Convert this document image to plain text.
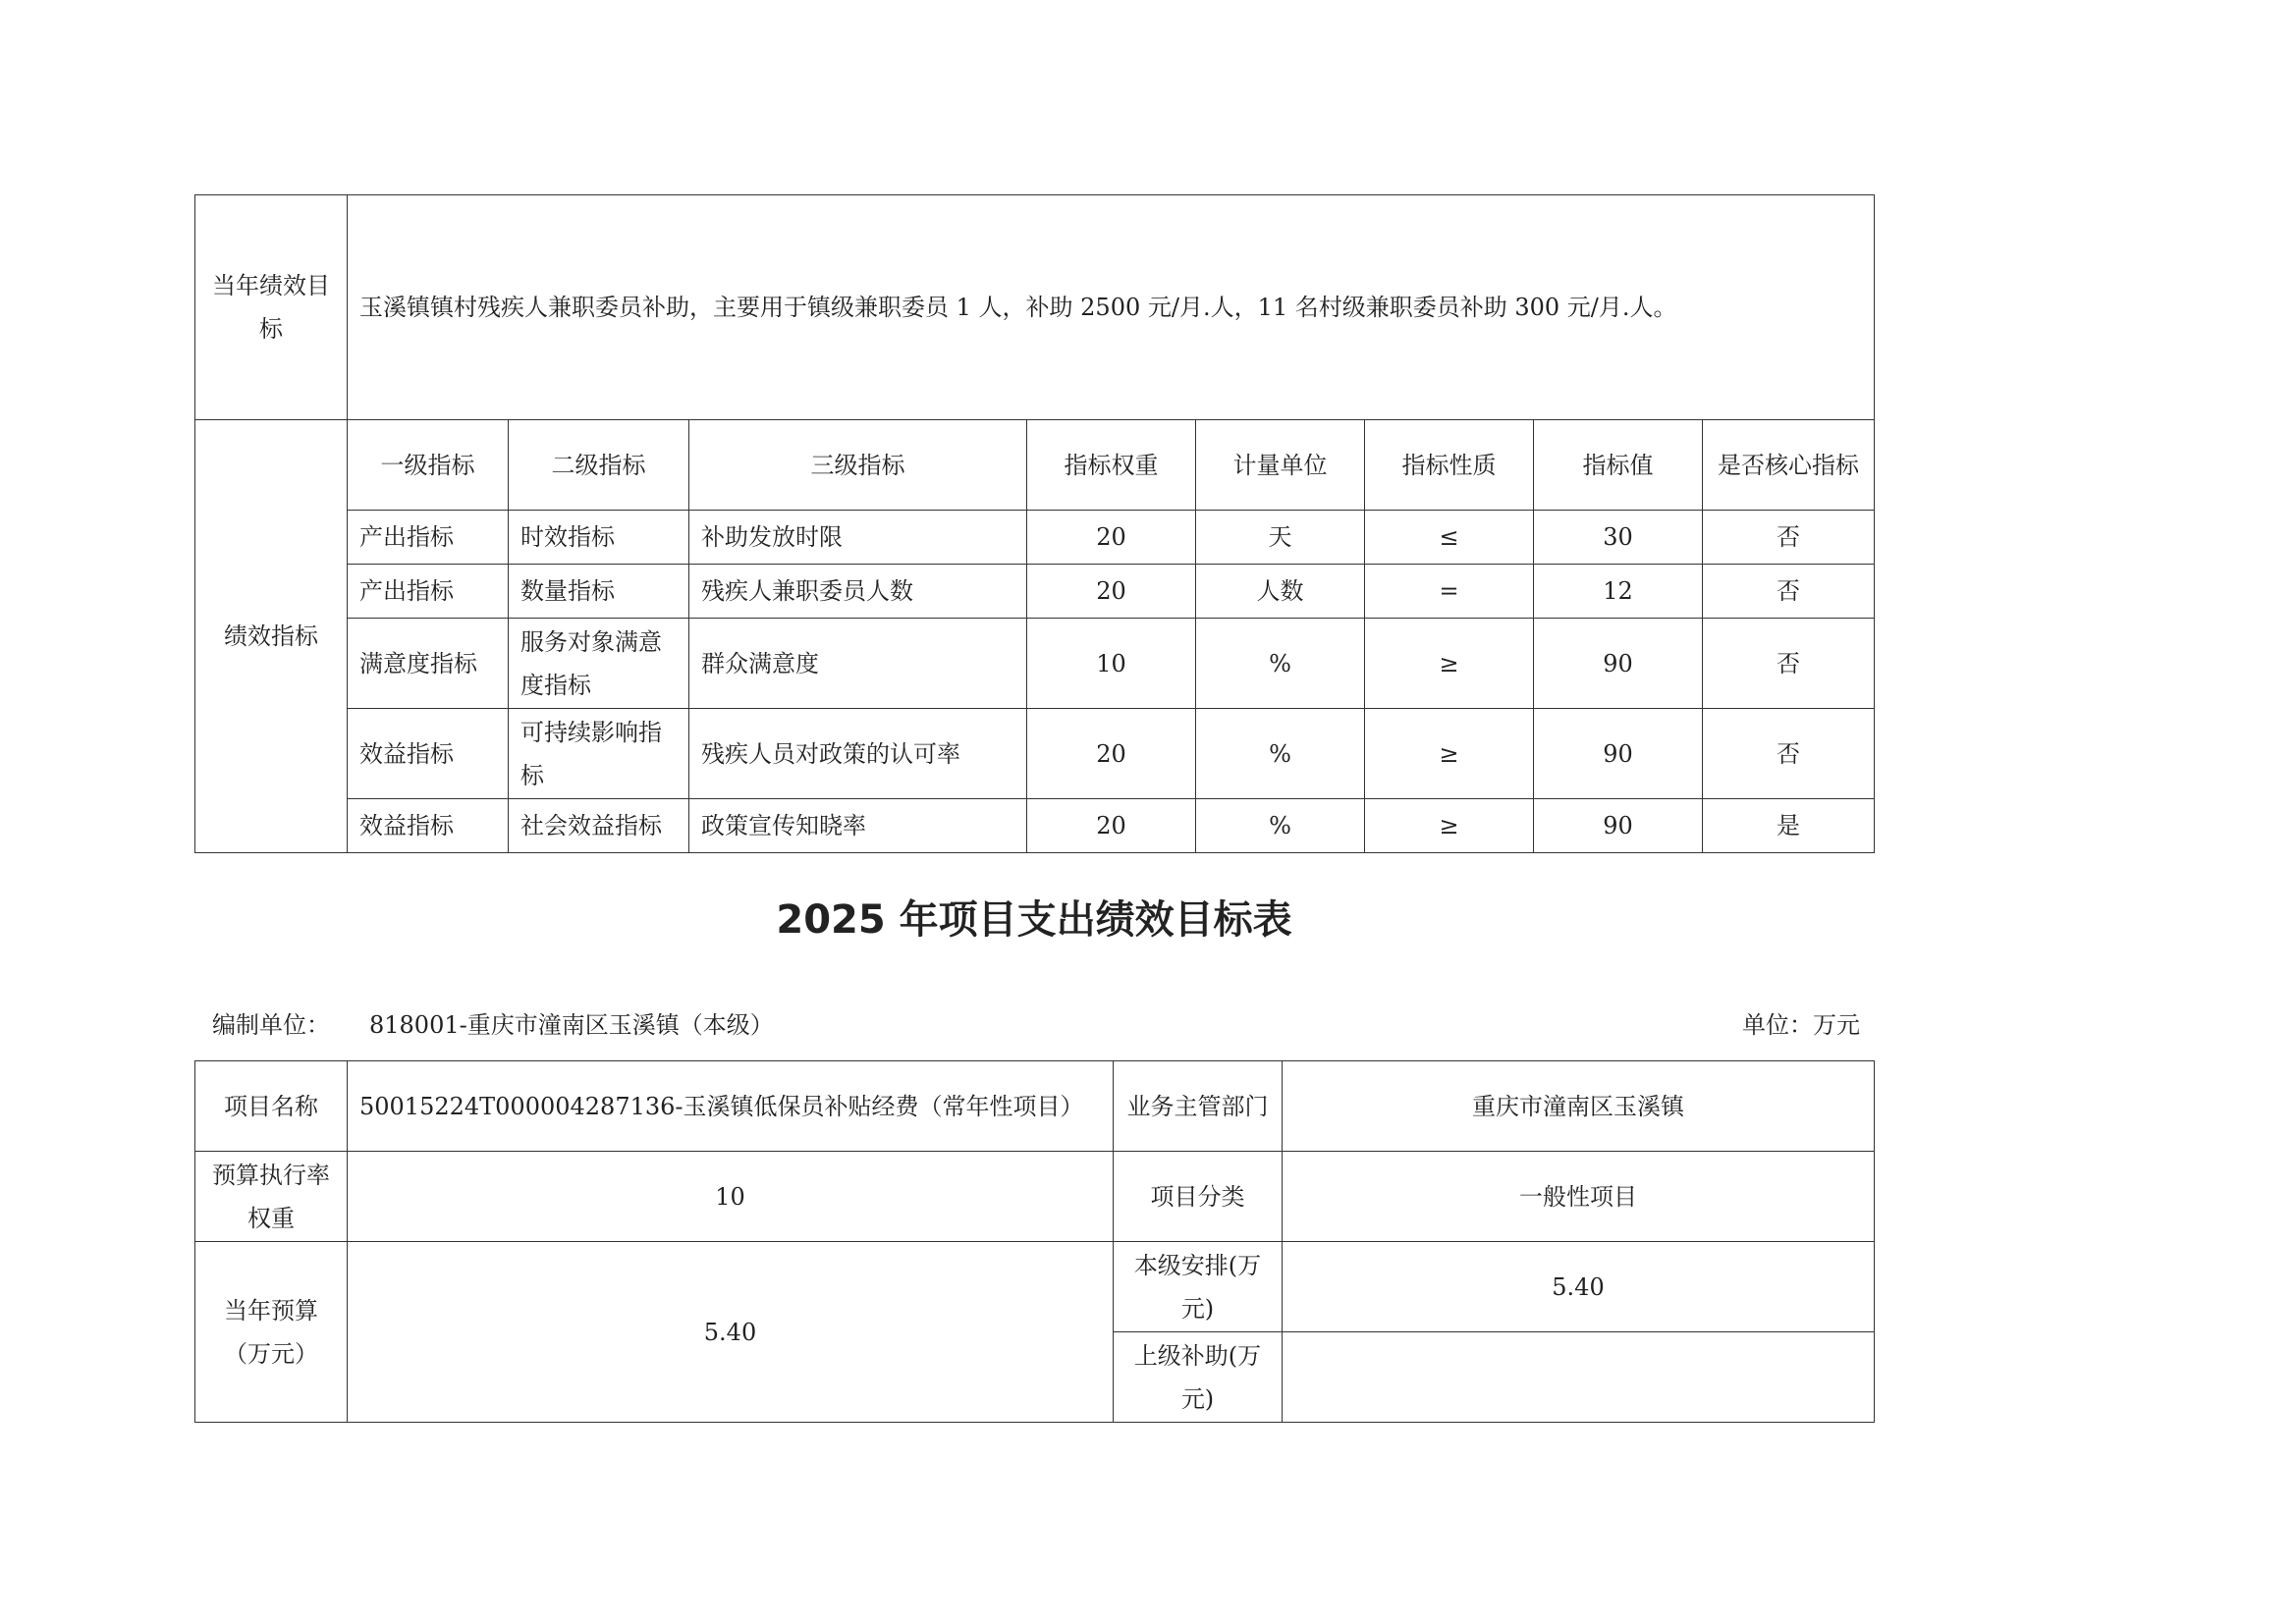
当年绩效目标	玉溪镇镇村残疾人兼职委员补助，主要用于镇级兼职委员 1 人，补助 2500 元/月.人，11 名村级兼职委员补助 300 元/月.人。							
绩效指标	一级指标	二级指标	三级指标	指标权重	计量单位	指标性质	指标值	是否核心指标
	产出指标	时效指标	补助发放时限	20	天	≤	30	否
	产出指标	数量指标	残疾人兼职委员人数	20	人数	=	12	否
	满意度指标	服务对象满意度指标	群众满意度	10	%	≥	90	否
	效益指标	可持续影响指标	残疾人员对政策的认可率	20	%	≥	90	否
	效益指标	社会效益指标	政策宣传知晓率	20	%	≥	90	是
2025 年项目支出绩效目标表
编制单位： 818001-重庆市潼南区玉溪镇（本级）	单位：万元
项目名称	50015224T000004287136-玉溪镇低保员补贴经费（常年性项目）	业务主管部门	重庆市潼南区玉溪镇
预算执行率权重	10	项目分类	一般性项目
当年预算（万元）	5.40	本级安排(万元)	5.40
		上级补助(万元)	
